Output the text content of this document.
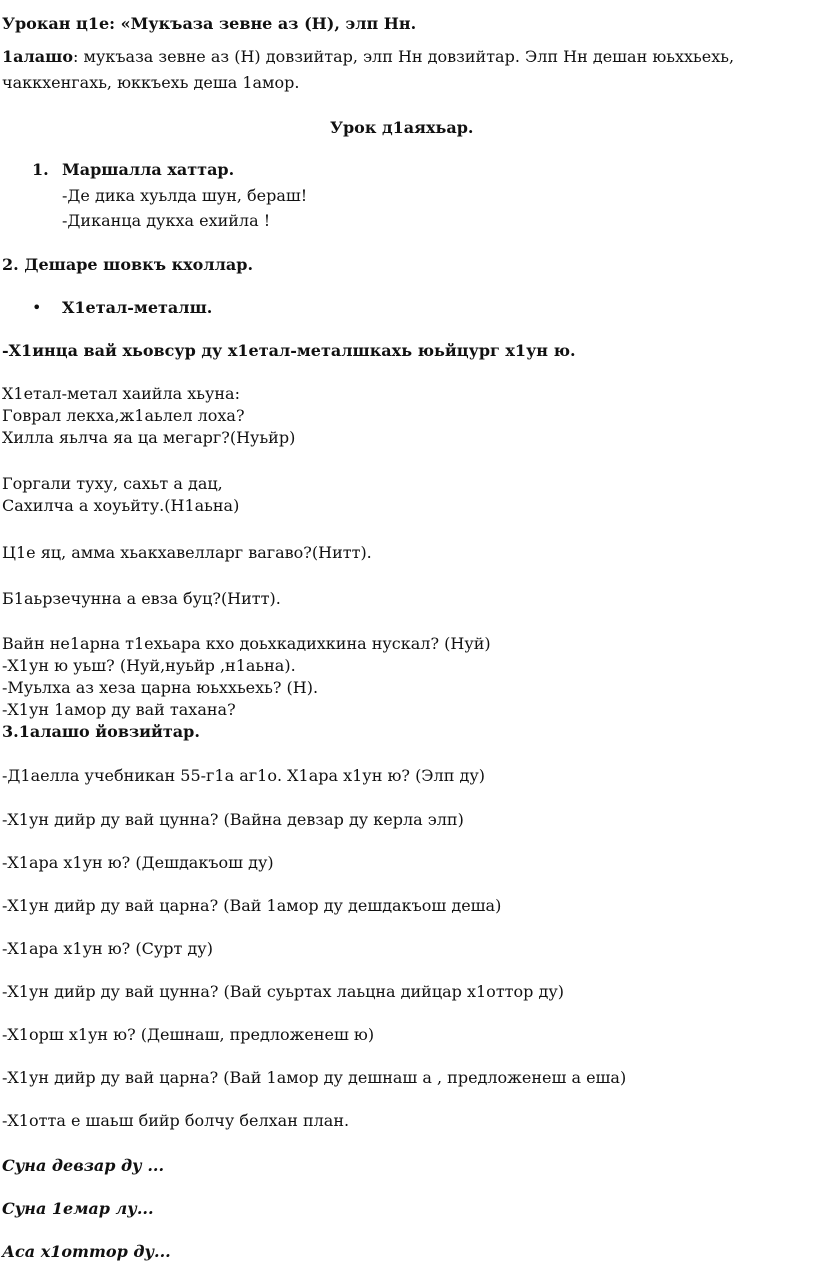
Урокан ц1е: «Мукъаза зевне аз (Н), элп Нн.
1алашо: мукъаза зевне аз (Н) довзийтар, элп Нн довзийтар. Элп Нн дешан юьххьехь,
чаккхенгахь, юккъехь деша 1амор.
Урок д1аяхьар.
1. Маршалла хаттар.
-Де дика хуьлда шун, бераш!
-Диканца дукха ехийла !
2. Дешаре шовкъ кхоллар.
• Х1етал-металш.
-Х1инца вай хьовсур ду х1етал-металшкахь юьйцург х1ун ю.
Х1етал-метал хаийла хьуна:
Говрал лекха,ж1аьлел лоха?
Хилла яьлча яа ца мегарг?(Нуьйр)
Горгали туху, сахьт а дац,
Сахилча а хоуьйту.(Н1аьна)
Ц1е яц, амма хьакхавелларг вагаво?(Нитт).
Б1аьрзечунна а евза буц?(Нитт).
Вайн не1арна т1ехьара кхо доьхкадихкина нускал? (Нуй)
-Х1ун ю уьш? (Нуй,нуьйр ,н1аьна).
-Муьлха аз хеза царна юьххьехь? (Н).
-Х1ун 1амор ду вай тахана?
3.1алашо йовзийтар.
-Д1аелла учебникан 55-г1а аг1о. Х1ара х1ун ю? (Элп ду)
-Х1ун дийр ду вай цунна? (Вайна девзар ду керла элп)
-Х1ара х1ун ю? (Дешдакъош ду)
-Х1ун дийр ду вай царна? (Вай 1амор ду дешдакъош деша)
-Х1ара х1ун ю? (Сурт ду)
-Х1ун дийр ду вай цунна? (Вай суьртах лаьцна дийцар х1оттор ду)
-Х1орш х1ун ю? (Дешнаш, предложенеш ю)
-Х1ун дийр ду вай царна? (Вай 1амор ду дешнаш а , предложенеш а еша)
-Х1отта е шаьш бийр болчу белхан план.
Суна девзар ду ...
Суна 1емар лу...
Аса х1оттор ду...
